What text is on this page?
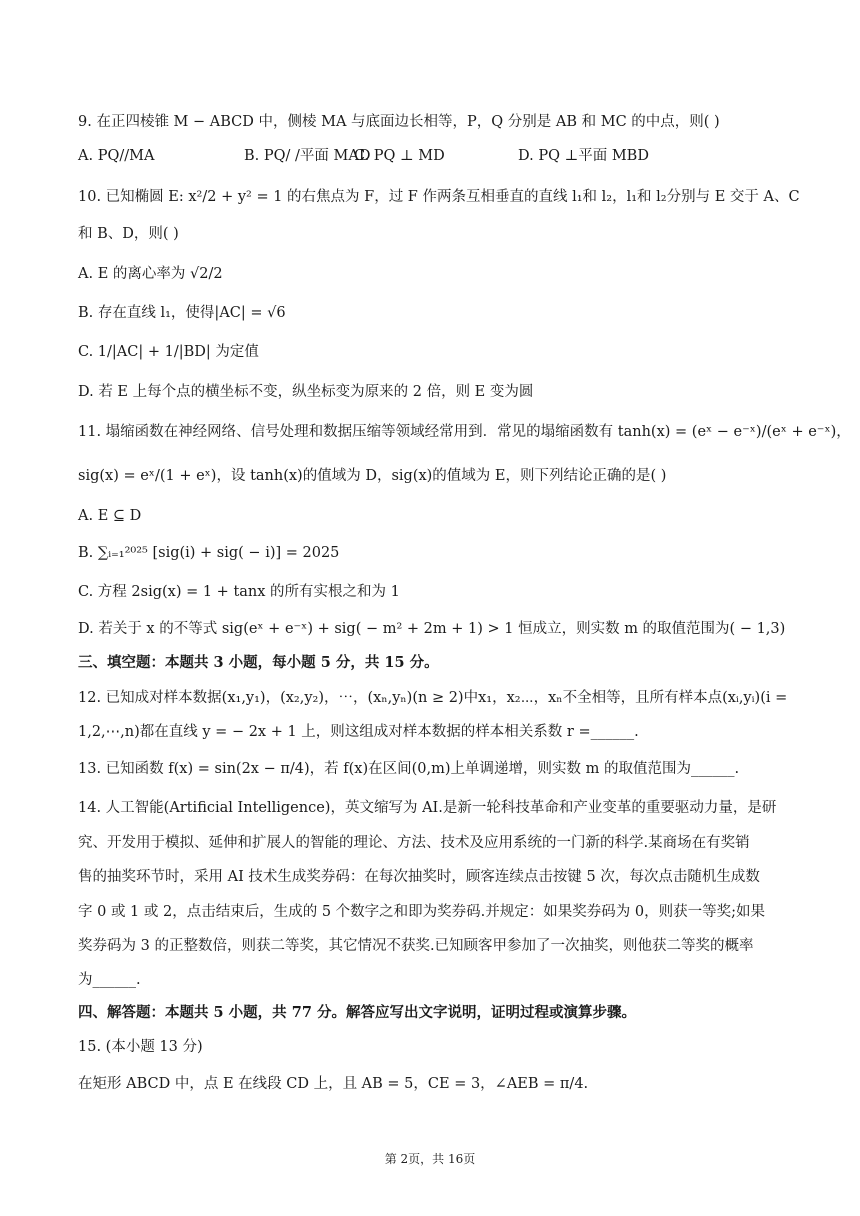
9. 在正四棱锥 M − ABCD 中，侧棱 MA 与底面边长相等，P，Q 分别是 AB 和 MC 的中点，则( )
A. PQ//MA	B. PQ/ /平面 MAD
C. PQ ⊥ MD	D. PQ ⊥平面 MBD
10. 已知椭圆 E: x²/2 + y² = 1 的右焦点为 F，过 F 作两条互相垂直的直线 l₁和 l₂，l₁和 l₂分别与 E 交于 A、C
和 B、D，则( )
A. E 的离心率为 √2/2
B. 存在直线 l₁，使得|AC| = √6
C. 1/|AC| + 1/|BD| 为定值
D. 若 E 上每个点的横坐标不变，纵坐标变为原来的 2 倍，则 E 变为圆
11. 塌缩函数在神经网络、信号处理和数据压缩等领域经常用到．常见的塌缩函数有 tanh(x) = (eˣ − e⁻ˣ)/(eˣ + e⁻ˣ)，
sig(x) = eˣ/(1 + eˣ)，设 tanh(x)的值域为 D，sig(x)的值域为 E，则下列结论正确的是( )
A. E ⊆ D
B. ∑ᵢ₌₁²⁰²⁵ [sig(i) + sig( − i)] = 2025
C. 方程 2sig(x) = 1 + tanx 的所有实根之和为 1
D. 若关于 x 的不等式 sig(eˣ + e⁻ˣ) + sig( − m² + 2m + 1) > 1 恒成立，则实数 m 的取值范围为( − 1,3)
三、填空题：本题共 3 小题，每小题 5 分，共 15 分。
12. 已知成对样本数据(x₁,y₁)，(x₂,y₂)，⋯，(xₙ,yₙ)(n ≥ 2)中x₁，x₂⋯，xₙ不全相等，且所有样本点(xᵢ,yᵢ)(i =
1,2,⋯,n)都在直线 y = − 2x + 1 上，则这组成对样本数据的样本相关系数 r =______.
13. 已知函数 f(x) = sin(2x − π/4)，若 f(x)在区间(0,m)上单调递增，则实数 m 的取值范围为______.
14. 人工智能(Artificial Intelligence)，英文缩写为 AI.是新一轮科技革命和产业变革的重要驱动力量，是研
究、开发用于模拟、延伸和扩展人的智能的理论、方法、技术及应用系统的一门新的科学.某商场在有奖销
售的抽奖环节时，采用 AI 技术生成奖券码：在每次抽奖时，顾客连续点击按键 5 次，每次点击随机生成数
字 0 或 1 或 2，点击结束后，生成的 5 个数字之和即为奖券码.并规定：如果奖券码为 0，则获一等奖;如果
奖券码为 3 的正整数倍，则获二等奖，其它情况不获奖.已知顾客甲参加了一次抽奖，则他获二等奖的概率
为______.
四、解答题：本题共 5 小题，共 77 分。解答应写出文字说明，证明过程或演算步骤。
15. (本小题 13 分)
在矩形 ABCD 中，点 E 在线段 CD 上，且 AB = 5，CE = 3，∠AEB = π/4.
第 2页，共 16页
